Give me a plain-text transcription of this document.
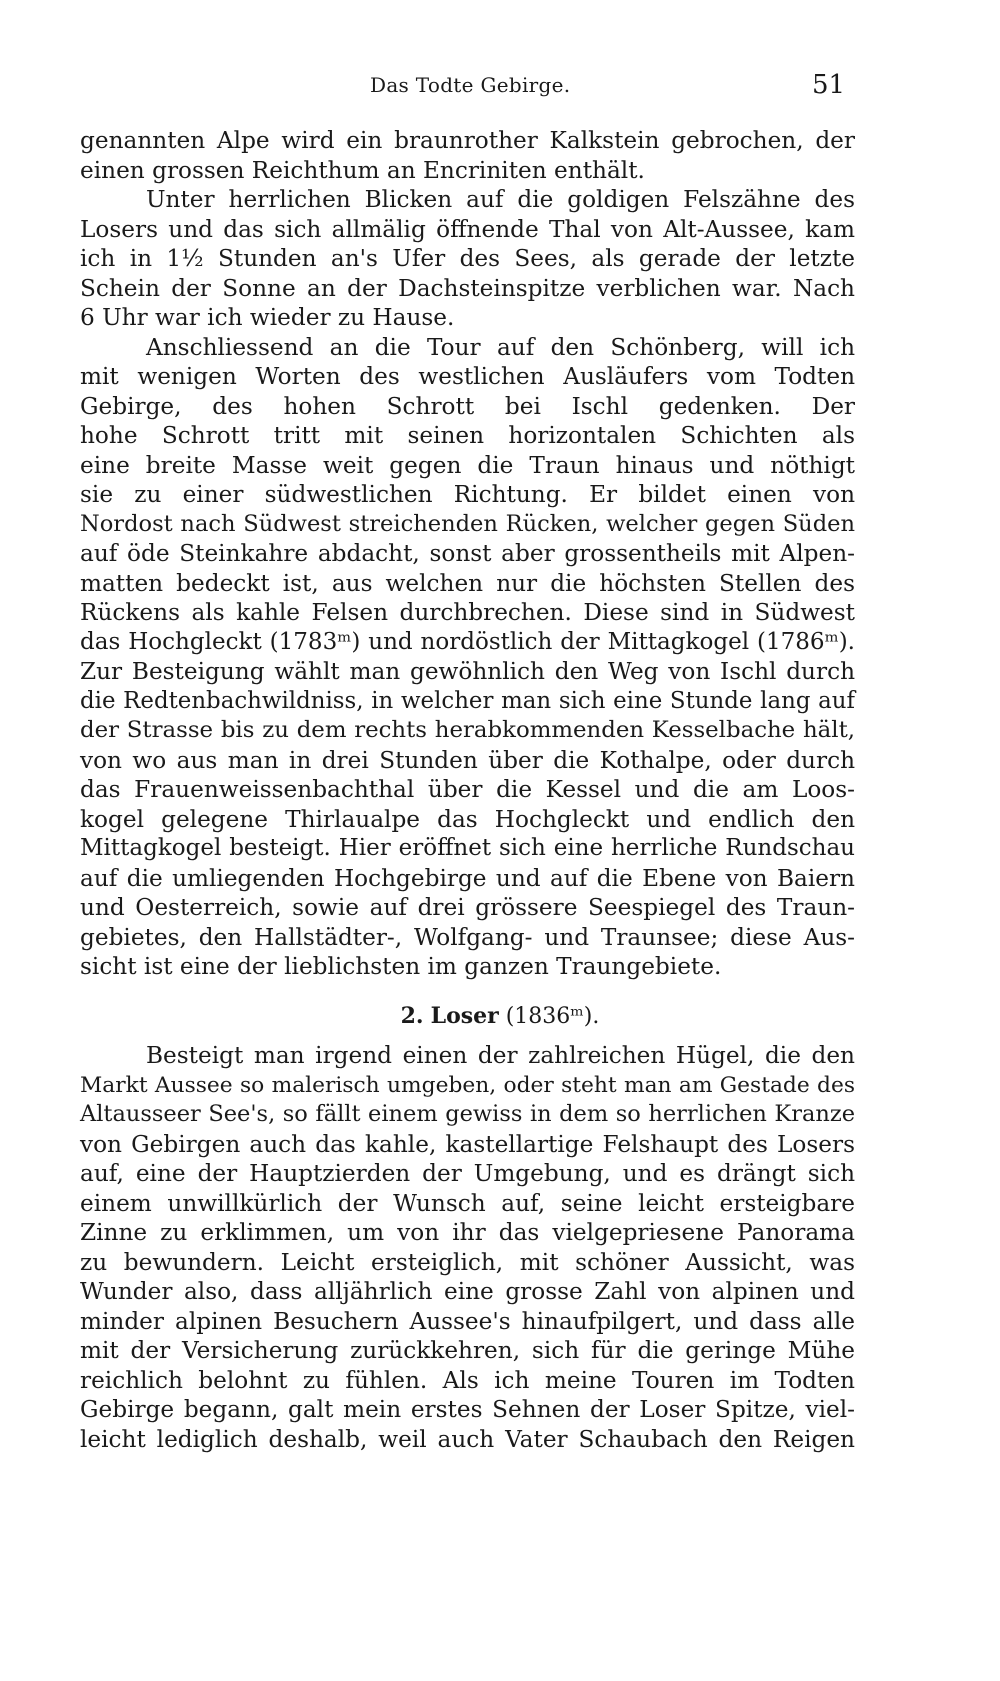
Das Todte Gebirge.	51
genannten Alpe wird ein braunrother Kalkstein gebrochen, der
einen grossen Reichthum an Encriniten enthält.
Unter herrlichen Blicken auf die goldigen Felszähne des
Losers und das sich allmälig öffnende Thal von Alt-Aussee, kam
ich in 1½ Stunden an's Ufer des Sees, als gerade der letzte
Schein der Sonne an der Dachsteinspitze verblichen war. Nach
6 Uhr war ich wieder zu Hause.
Anschliessend an die Tour auf den Schönberg, will ich
mit wenigen Worten des westlichen Ausläufers vom Todten
Gebirge, des hohen Schrott bei Ischl gedenken. Der
hohe Schrott tritt mit seinen horizontalen Schichten als
eine breite Masse weit gegen die Traun hinaus und nöthigt
sie zu einer südwestlichen Richtung. Er bildet einen von
Nordost nach Südwest streichenden Rücken, welcher gegen Süden
auf öde Steinkahre abdacht, sonst aber grossentheils mit Alpen-
matten bedeckt ist, aus welchen nur die höchsten Stellen des
Rückens als kahle Felsen durchbrechen. Diese sind in Südwest
das Hochgleckt (1783ᵐ) und nordöstlich der Mittagkogel (1786ᵐ).
Zur Besteigung wählt man gewöhnlich den Weg von Ischl durch
die Redtenbachwildniss, in welcher man sich eine Stunde lang auf
der Strasse bis zu dem rechts herabkommenden Kesselbache hält,
von wo aus man in drei Stunden über die Kothalpe, oder durch
das Frauenweissenbachthal über die Kessel und die am Loos-
kogel gelegene Thirlaualpe das Hochgleckt und endlich den
Mittagkogel besteigt. Hier eröffnet sich eine herrliche Rundschau
auf die umliegenden Hochgebirge und auf die Ebene von Baiern
und Oesterreich, sowie auf drei grössere Seespiegel des Traun-
gebietes, den Hallstädter-, Wolfgang- und Traunsee; diese Aus-
sicht ist eine der lieblichsten im ganzen Traungebiete.
2. Loser (1836ᵐ).
Besteigt man irgend einen der zahlreichen Hügel, die den
Markt Aussee so malerisch umgeben, oder steht man am Gestade des
Altausseer See's, so fällt einem gewiss in dem so herrlichen Kranze
von Gebirgen auch das kahle, kastellartige Felshaupt des Losers
auf, eine der Hauptzierden der Umgebung, und es drängt sich
einem unwillkürlich der Wunsch auf, seine leicht ersteigbare
Zinne zu erklimmen, um von ihr das vielgepriesene Panorama
zu bewundern. Leicht ersteiglich, mit schöner Aussicht, was
Wunder also, dass alljährlich eine grosse Zahl von alpinen und
minder alpinen Besuchern Aussee's hinaufpilgert, und dass alle
mit der Versicherung zurückkehren, sich für die geringe Mühe
reichlich belohnt zu fühlen. Als ich meine Touren im Todten
Gebirge begann, galt mein erstes Sehnen der Loser Spitze, viel-
leicht lediglich deshalb, weil auch Vater Schaubach den Reigen
